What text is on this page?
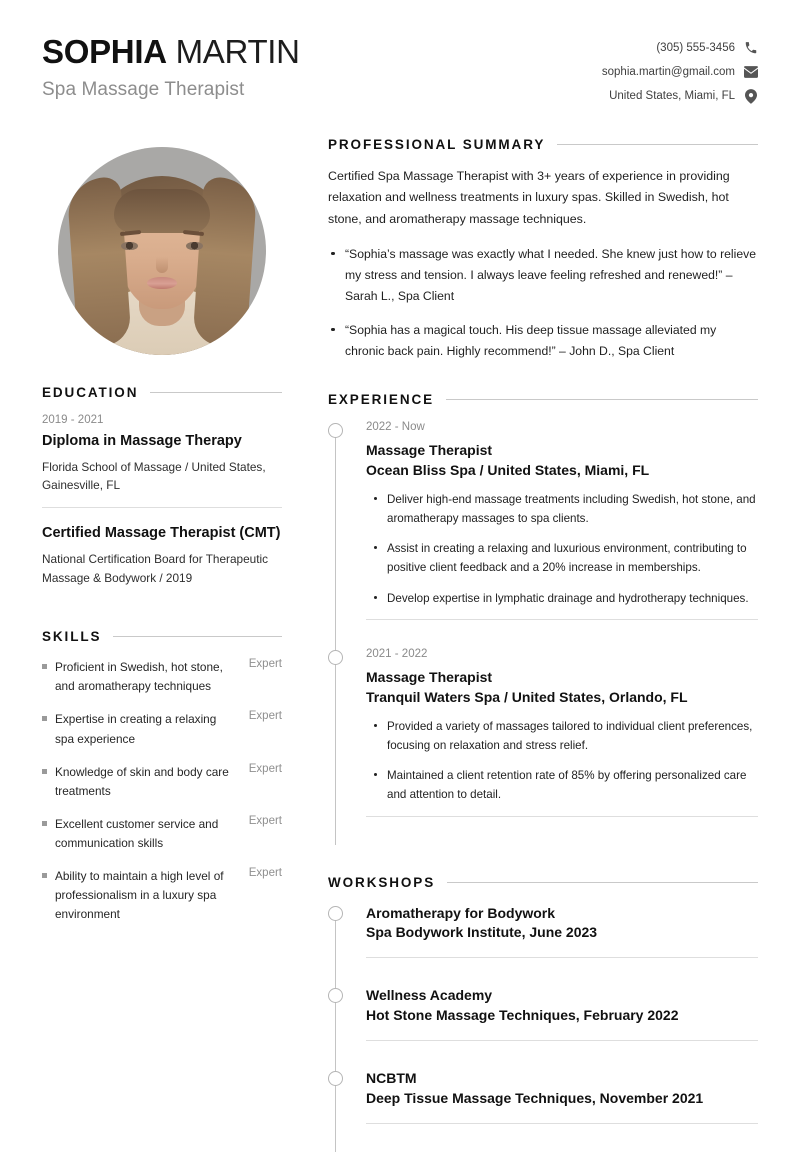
SOPHIA MARTIN
Spa Massage Therapist
(305) 555-3456
sophia.martin@gmail.com
United States, Miami, FL
EDUCATION
2019 - 2021
Diploma in Massage Therapy
Florida School of Massage / United States, Gainesville, FL
Certified Massage Therapist (CMT)
National Certification Board for Therapeutic Massage & Bodywork / 2019
SKILLS
Proficient in Swedish, hot stone, and aromatherapy techniques
Expert
Expertise in creating a relaxing spa experience
Expert
Knowledge of skin and body care treatments
Expert
Excellent customer service and communication skills
Expert
Ability to maintain a high level of professionalism in a luxury spa environment
Expert
PROFESSIONAL SUMMARY

Certified Spa Massage Therapist with 3+ years of experience in providing relaxation and wellness treatments in luxury spas. Skilled in Swedish, hot stone, and aromatherapy massage techniques.

“Sophia’s massage was exactly what I needed. She knew just how to relieve my stress and tension. I always leave feeling refreshed and renewed!” – Sarah L., Spa Client
“Sophia has a magical touch. His deep tissue massage alleviated my chronic back pain. Highly recommend!” – John D., Spa Client
EXPERIENCE
2022 - Now
Massage Therapist
Ocean Bliss Spa / United States, Miami, FL
Deliver high-end massage treatments including Swedish, hot stone, and aromatherapy massages to spa clients.
Assist in creating a relaxing and luxurious environment, contributing to positive client feedback and a 20% increase in memberships.
Develop expertise in lymphatic drainage and hydrotherapy techniques.
2021 - 2022
Massage Therapist
Tranquil Waters Spa / United States, Orlando, FL
Provided a variety of massages tailored to individual client preferences, focusing on relaxation and stress relief.
Maintained a client retention rate of 85% by offering personalized care and attention to detail.
WORKSHOPS
Aromatherapy for Bodywork
Spa Bodywork Institute, June 2023
Wellness Academy
Hot Stone Massage Techniques, February 2022
NCBTM
Deep Tissue Massage Techniques, November 2021
